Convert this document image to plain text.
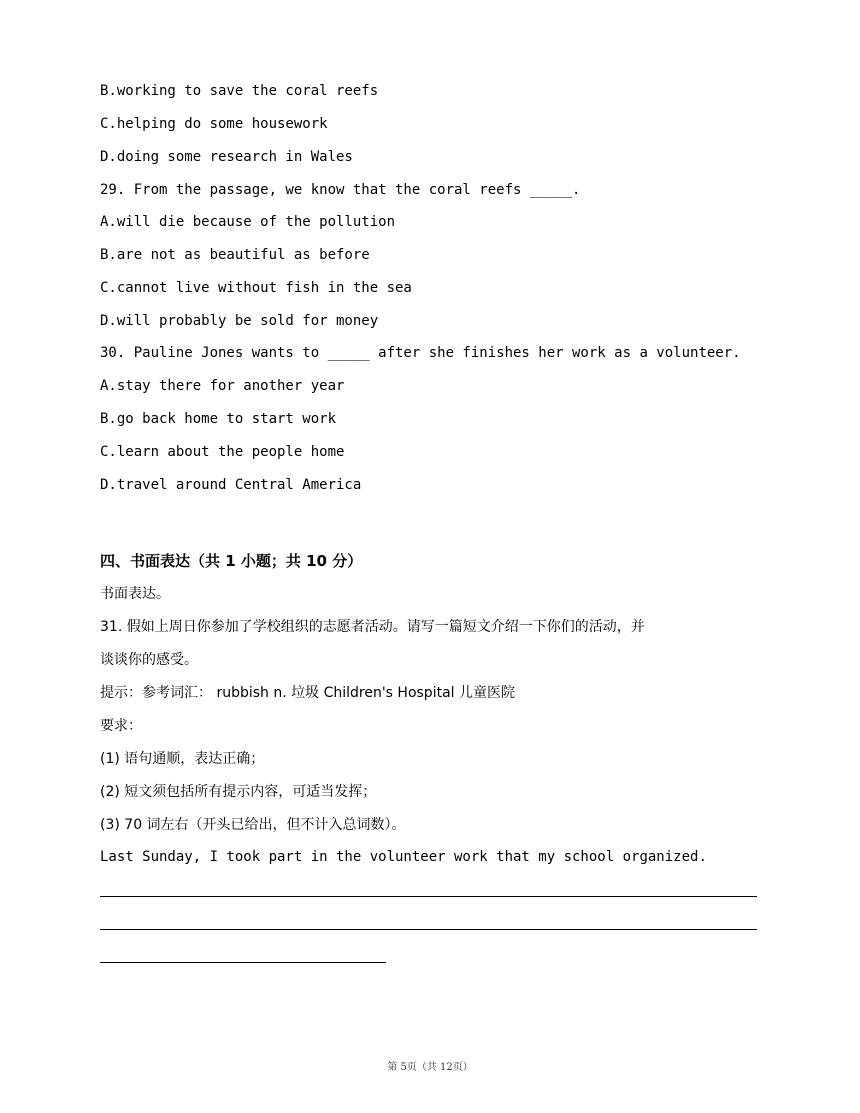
B.working to save the coral reefs
C.helping do some housework
D.doing some research in Wales
29. From the passage, we know that the coral reefs _____.
A.will die because of the pollution
B.are not as beautiful as before
C.cannot live without fish in the sea
D.will probably be sold for money
30. Pauline Jones wants to _____ after she finishes her work as a volunteer.
A.stay there for another year
B.go back home to start work
C.learn about the people home
D.travel around Central America
四、书面表达（共 1 小题；共 10 分）
书面表达。
31. 假如上周日你参加了学校组织的志愿者活动。请写一篇短文介绍一下你们的活动，并
谈谈你的感受。
提示：参考词汇： rubbish n. 垃圾 Children's Hospital 儿童医院
要求：
(1) 语句通顺，表达正确；
(2) 短文须包括所有提示内容，可适当发挥；
(3) 70 词左右（开头已给出，但不计入总词数）。
Last Sunday, I took part in the volunteer work that my school organized.
第 5页（共 12页）
